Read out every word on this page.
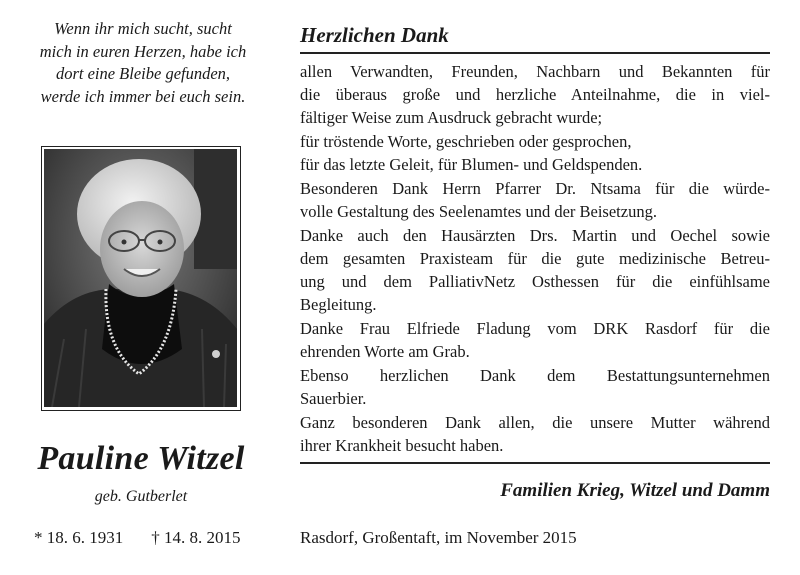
Wenn ihr mich sucht, sucht
mich in euren Herzen, habe ich
dort eine Bleibe gefunden,
werde ich immer bei euch sein.
Pauline Witzel
geb. Gutberlet
* 18. 6. 1931 † 14. 8. 2015
Herzlichen Dank
allen Verwandten, Freunden, Nachbarn und Bekannten für
die überaus große und herzliche Anteilnahme, die in viel-
fältiger Weise zum Ausdruck gebracht wurde;
für tröstende Worte, geschrieben oder gesprochen,
für das letzte Geleit, für Blumen- und Geldspenden.
Besonderen Dank Herrn Pfarrer Dr. Ntsama für die würde-
volle Gestaltung des Seelenamtes und der Beisetzung.
Danke auch den Hausärzten Drs. Martin und Oechel sowie
dem gesamten Praxisteam für die gute medizinische Betreu-
ung und dem PalliativNetz Osthessen für die einfühlsame
Begleitung.
Danke Frau Elfriede Fladung vom DRK Rasdorf für die
ehrenden Worte am Grab.
Ebenso herzlichen Dank dem Bestattungsunternehmen
Sauerbier.
Ganz besonderen Dank allen, die unsere Mutter während
ihrer Krankheit besucht haben.
Familien Krieg, Witzel und Damm
Rasdorf, Großentaft, im November 2015
